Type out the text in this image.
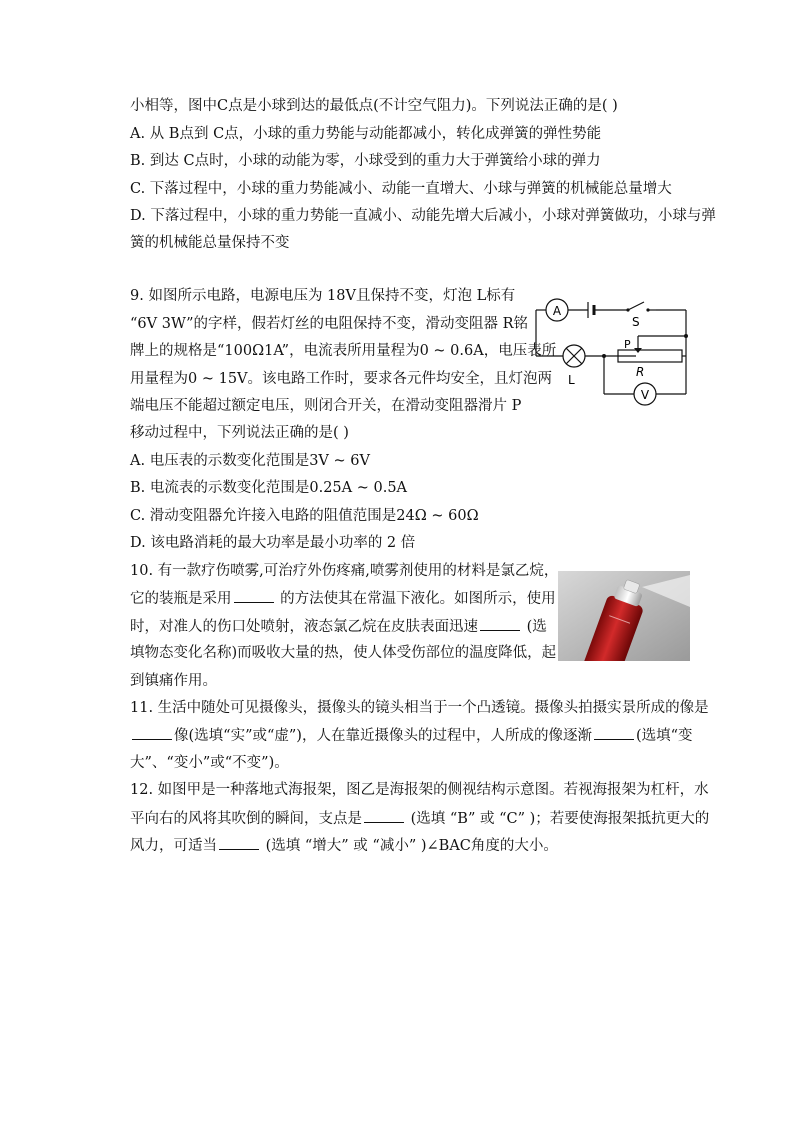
小相等，图中C点是小球到达的最低点(不计空气阻力)。下列说法正确的是( )
A. 从 B点到 C点，小球的重力势能与动能都减小，转化成弹簧的弹性势能
B. 到达 C点时，小球的动能为零，小球受到的重力大于弹簧给小球的弹力
C. 下落过程中，小球的重力势能减小、动能一直增大、小球与弹簧的机械能总量增大
D. 下落过程中，小球的重力势能一直减小、动能先增大后减小，小球对弹簧做功，小球与弹
簧的机械能总量保持不变
9. 如图所示电路，电源电压为 18V且保持不变，灯泡 L标有
“6V 3W”的字样，假若灯丝的电阻保持不变，滑动变阻器 R铭
牌上的规格是“100Ω1A”，电流表所用量程为0 ~ 0.6A，电压表所
用量程为0 ~ 15V。该电路工作时，要求各元件均安全，且灯泡两
端电压不能超过额定电压，则闭合开关，在滑动变阻器滑片 P
移动过程中，下列说法正确的是( )
A. 电压表的示数变化范围是3V ~ 6V
B. 电流表的示数变化范围是0.25A ~ 0.5A
C. 滑动变阻器允许接入电路的阻值范围是24Ω ~ 60Ω
D. 该电路消耗的最大功率是最小功率的 2 倍
A
V
S
P
R
L
10. 有一款疗伤喷雾,可治疗外伤疼痛,喷雾剂使用的材料是氯乙烷，
它的装瓶是采用	的方法使其在常温下液化。如图所示，使用
时，对准人的伤口处喷射，液态氯乙烷在皮肤表面迅速	(选
填物态变化名称)而吸收大量的热，使人体受伤部位的温度降低，起
到镇痛作用。
11. 生活中随处可见摄像头，摄像头的镜头相当于一个凸透镜。摄像头拍摄实景所成的像是
像(选填“实”或“虚”)，人在靠近摄像头的过程中，人所成的像逐渐	(选填“变
大”、“变小”或“不变”)。
12. 如图甲是一种落地式海报架，图乙是海报架的侧视结构示意图。若视海报架为杠杆，水
平向右的风将其吹倒的瞬间，支点是	(选填 “B” 或 “C” )；若要使海报架抵抗更大的
风力，可适当	(选填 “增大” 或 “减小” )∠BAC角度的大小。
